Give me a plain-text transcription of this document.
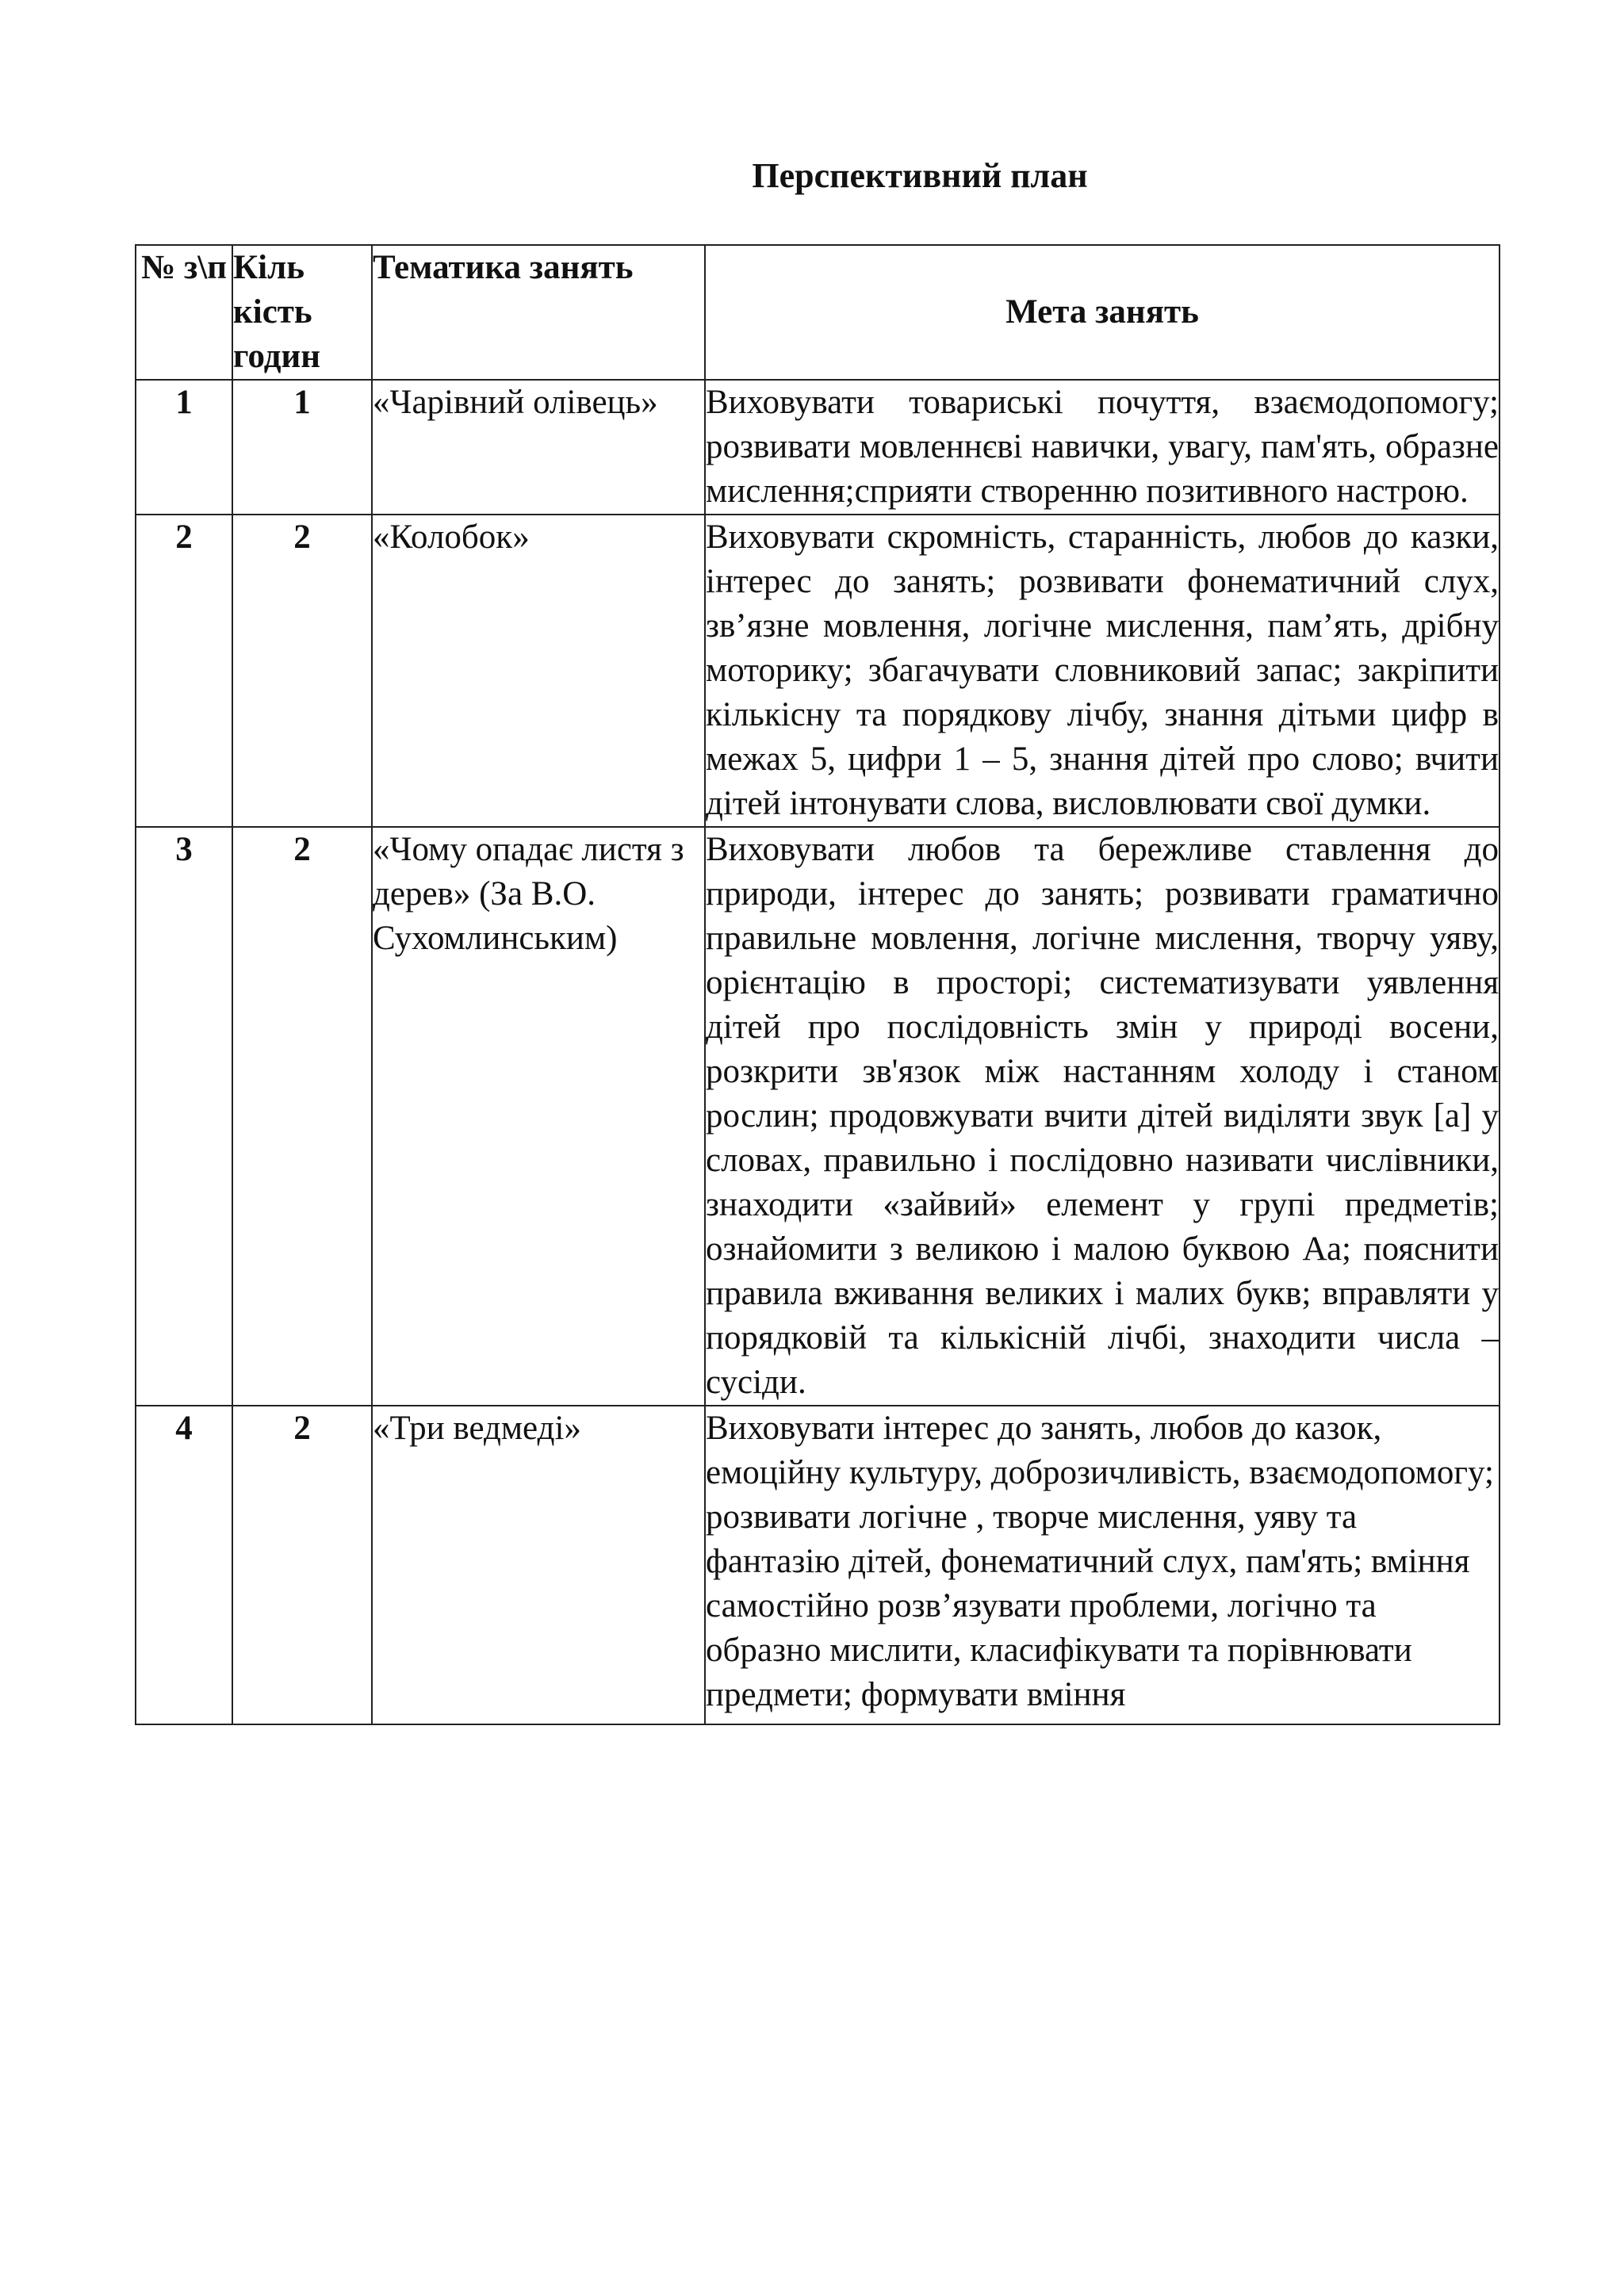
Перспективний план
№ з\п	Кіль кість годин	Тематика занять	Мета занять
1	1	«Чарівний олівець»	Виховувати товариські почуття, взаємодопомогу; розвивати мовленнєві навички, увагу, пам'ять, образне мислення;сприяти створенню позитивного настрою.
2	2	«Колобок»	Виховувати скромність, старанність, любов до казки, інтерес до занять; розвивати фонематичний слух, зв’язне мовлення, логічне мислення, пам’ять, дрібну моторику; збагачувати словниковий запас; закріпити кількісну та порядкову лічбу, знання дітьми цифр в межах 5, цифри 1 – 5, знання дітей про слово; вчити дітей інтонувати слова, висловлювати свої думки.
3	2	«Чому опадає листя з дерев» (За В.О. Сухомлинським)	Виховувати любов та бережливе ставлення до природи, інтерес до занять; розвивати граматично правильне мовлення, логічне мислення, творчу уяву, орієнтацію в просторі; систематизувати уявлення дітей про послідовність змін у природі восени, розкрити зв'язок між настанням холоду і станом рослин; продовжувати вчити дітей виділяти звук [а] у словах, правильно і послідовно називати числівники, знаходити «зайвий» елемент у групі предметів; ознайомити з великою і малою буквою Аа; пояснити правила вживання великих і малих букв; вправляти у порядковій та кількісній лічбі, знаходити числа – сусіди.
4	2	«Три ведмеді»	Виховувати інтерес до занять, любов до казок, емоційну культуру, доброзичливість, взаємодопомогу; розвивати логічне , творче мислення, уяву та фантазію дітей, фонематичний слух, пам'ять; вміння самостійно розв’язувати проблеми, логічно та образно мислити, класифікувати та порівнювати предмети; формувати вміння
